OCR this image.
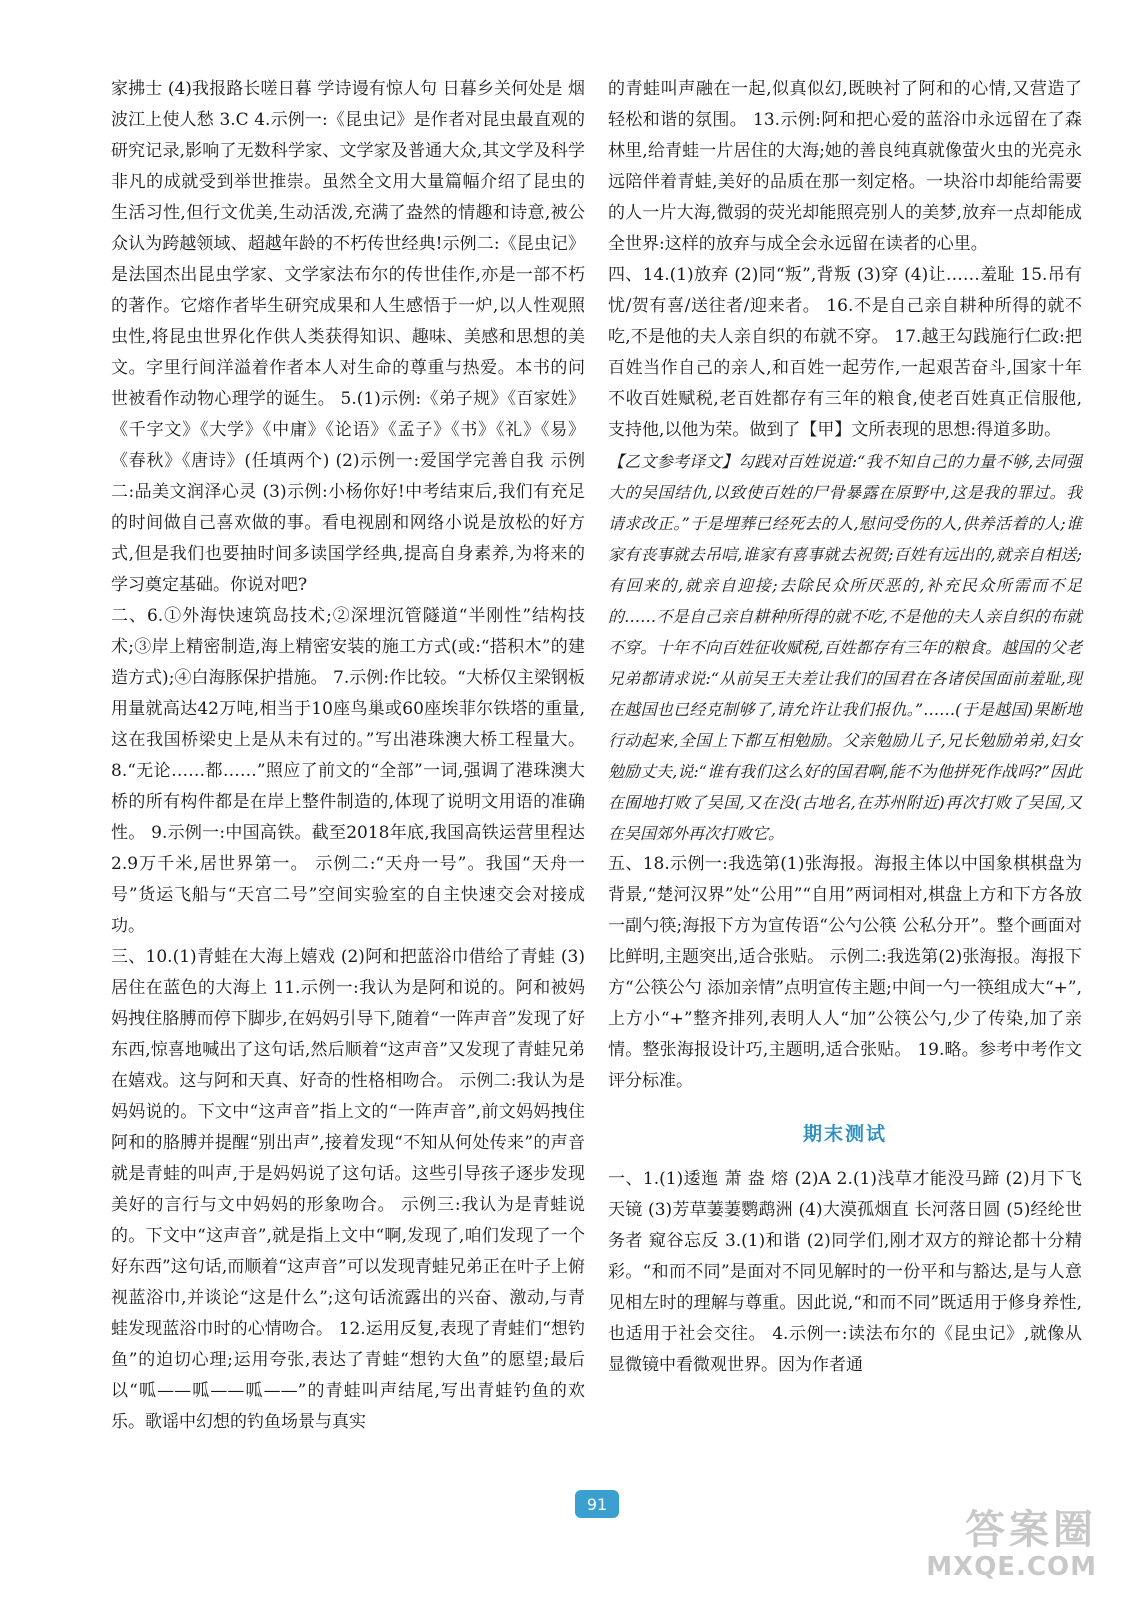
家拂士 (4)我报路长嗟日暮 学诗谩有惊人句 日暮乡关何处是 烟波江上使人愁 3.C 4.示例一:《昆虫记》是作者对昆虫最直观的研究记录,影响了无数科学家、文学家及普通大众,其文学及科学非凡的成就受到举世推崇。虽然全文用大量篇幅介绍了昆虫的生活习性,但行文优美,生动活泼,充满了盎然的情趣和诗意,被公众认为跨越领域、超越年龄的不朽传世经典!示例二:《昆虫记》是法国杰出昆虫学家、文学家法布尔的传世佳作,亦是一部不朽的著作。它熔作者毕生研究成果和人生感悟于一炉,以人性观照虫性,将昆虫世界化作供人类获得知识、趣味、美感和思想的美文。字里行间洋溢着作者本人对生命的尊重与热爱。本书的问世被看作动物心理学的诞生。 5.(1)示例:《弟子规》《百家姓》《千字文》《大学》《中庸》《论语》《孟子》《书》《礼》《易》《春秋》《唐诗》(任填两个) (2)示例一:爱国学完善自我 示例二:品美文润泽心灵 (3)示例:小杨你好!中考结束后,我们有充足的时间做自己喜欢做的事。看电视剧和网络小说是放松的好方式,但是我们也要抽时间多读国学经典,提高自身素养,为将来的学习奠定基础。你说对吧?

二、6.①外海快速筑岛技术;②深埋沉管隧道“半刚性”结构技术;③岸上精密制造,海上精密安装的施工方式(或:“搭积木”的建造方式);④白海豚保护措施。 7.示例:作比较。“大桥仅主梁钢板用量就高达42万吨,相当于10座鸟巢或60座埃菲尔铁塔的重量,这在我国桥梁史上是从未有过的。”写出港珠澳大桥工程量大。 8.“无论……都……”照应了前文的“全部”一词,强调了港珠澳大桥的所有构件都是在岸上整件制造的,体现了说明文用语的准确性。 9.示例一:中国高铁。截至2018年底,我国高铁运营里程达2.9万千米,居世界第一。 示例二:“天舟一号”。我国“天舟一号”货运飞船与“天宫二号”空间实验室的自主快速交会对接成功。

三、10.(1)青蛙在大海上嬉戏 (2)阿和把蓝浴巾借给了青蛙 (3)居住在蓝色的大海上 11.示例一:我认为是阿和说的。阿和被妈妈拽住胳膊而停下脚步,在妈妈引导下,随着“一阵声音”发现了好东西,惊喜地喊出了这句话,然后顺着“这声音”又发现了青蛙兄弟在嬉戏。这与阿和天真、好奇的性格相吻合。 示例二:我认为是妈妈说的。下文中“这声音”指上文的“一阵声音”,前文妈妈拽住阿和的胳膊并提醒“别出声”,接着发现“不知从何处传来”的声音就是青蛙的叫声,于是妈妈说了这句话。这些引导孩子逐步发现美好的言行与文中妈妈的形象吻合。 示例三:我认为是青蛙说的。下文中“这声音”,就是指上文中“啊,发现了,咱们发现了一个好东西”这句话,而顺着“这声音”可以发现青蛙兄弟正在叶子上俯视蓝浴巾,并谈论“这是什么”;这句话流露出的兴奋、激动,与青蛙发现蓝浴巾时的心情吻合。 12.运用反复,表现了青蛙们“想钓鱼”的迫切心理;运用夸张,表达了青蛙“想钓大鱼”的愿望;最后以“呱——呱——呱——”的青蛙叫声结尾,写出青蛙钓鱼的欢乐。歌谣中幻想的钓鱼场景与真实

的青蛙叫声融在一起,似真似幻,既映衬了阿和的心情,又营造了轻松和谐的氛围。 13.示例:阿和把心爱的蓝浴巾永远留在了森林里,给青蛙一片居住的大海;她的善良纯真就像萤火虫的光亮永远陪伴着青蛙,美好的品质在那一刻定格。一块浴巾却能给需要的人一片大海,微弱的荧光却能照亮别人的美梦,放弃一点却能成全世界:这样的放弃与成全会永远留在读者的心里。

四、14.(1)放弃 (2)同“叛”,背叛 (3)穿 (4)让……羞耻 15.吊有忧/贺有喜/送往者/迎来者。 16.不是自己亲自耕种所得的就不吃,不是他的夫人亲自织的布就不穿。 17.越王勾践施行仁政:把百姓当作自己的亲人,和百姓一起劳作,一起艰苦奋斗,国家十年不收百姓赋税,老百姓都存有三年的粮食,使老百姓真正信服他,支持他,以他为荣。做到了【甲】文所表现的思想:得道多助。

【乙文参考译文】勾践对百姓说道:“我不知自己的力量不够,去同强大的吴国结仇,以致使百姓的尸骨暴露在原野中,这是我的罪过。我请求改正。”于是埋葬已经死去的人,慰问受伤的人,供养活着的人;谁家有丧事就去吊唁,谁家有喜事就去祝贺;百姓有远出的,就亲自相送;有回来的,就亲自迎接;去除民众所厌恶的,补充民众所需而不足的……不是自己亲自耕种所得的就不吃,不是他的夫人亲自织的布就不穿。十年不向百姓征收赋税,百姓都存有三年的粮食。越国的父老兄弟都请求说:“从前吴王夫差让我们的国君在各诸侯国面前羞耻,现在越国也已经克制够了,请允许让我们报仇。”……(于是越国)果断地行动起来,全国上下都互相勉励。父亲勉励儿子,兄长勉励弟弟,妇女勉励丈夫,说:“谁有我们这么好的国君啊,能不为他拼死作战吗?”因此在囿地打败了吴国,又在没(古地名,在苏州附近)再次打败了吴国,又在吴国郊外再次打败它。

五、18.示例一:我选第(1)张海报。海报主体以中国象棋棋盘为背景,“楚河汉界”处“公用”“自用”两词相对,棋盘上方和下方各放一副勺筷;海报下方为宣传语“公勺公筷 公私分开”。整个画面对比鲜明,主题突出,适合张贴。 示例二:我选第(2)张海报。海报下方“公筷公勺 添加亲情”点明宣传主题;中间一勺一筷组成大“+”,上方小“+”整齐排列,表明人人“加”公筷公勺,少了传染,加了亲情。整张海报设计巧,主题明,适合张贴。 19.略。参考中考作文评分标准。

期末测试

一、1.(1)逶迤 萧 盎 熔 (2)A 2.(1)浅草才能没马蹄 (2)月下飞天镜 (3)芳草萋萋鹦鹉洲 (4)大漠孤烟直 长河落日圆 (5)经纶世务者 窥谷忘反 3.(1)和谐 (2)同学们,刚才双方的辩论都十分精彩。“和而不同”是面对不同见解时的一份平和与豁达,是与人意见相左时的理解与尊重。因此说,“和而不同”既适用于修身养性,也适用于社会交往。 4.示例一:读法布尔的《昆虫记》,就像从显微镜中看微观世界。因为作者通

91
答案圈
MXQE.COM
